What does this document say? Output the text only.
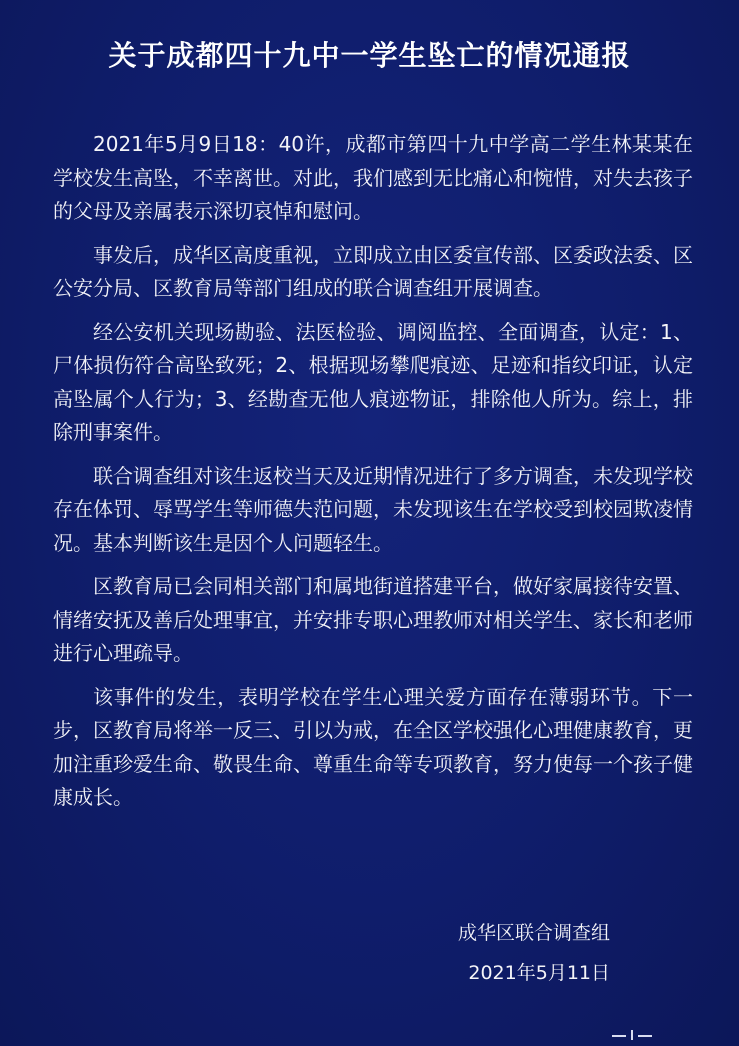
关于成都四十九中一学生坠亡的情况通报

2021年5月9日18：40许，成都市第四十九中学高二学生林某某在学校发生高坠，不幸离世。对此，我们感到无比痛心和惋惜，对失去孩子的父母及亲属表示深切哀悼和慰问。

事发后，成华区高度重视，立即成立由区委宣传部、区委政法委、区公安分局、区教育局等部门组成的联合调查组开展调查。

经公安机关现场勘验、法医检验、调阅监控、全面调查，认定：1、尸体损伤符合高坠致死；2、根据现场攀爬痕迹、足迹和指纹印证，认定高坠属个人行为；3、经勘查无他人痕迹物证，排除他人所为。综上，排除刑事案件。

联合调查组对该生返校当天及近期情况进行了多方调查，未发现学校存在体罚、辱骂学生等师德失范问题，未发现该生在学校受到校园欺凌情况。基本判断该生是因个人问题轻生。

区教育局已会同相关部门和属地街道搭建平台，做好家属接待安置、情绪安抚及善后处理事宜，并安排专职心理教师对相关学生、家长和老师进行心理疏导。

该事件的发生，表明学校在学生心理关爱方面存在薄弱环节。下一步，区教育局将举一反三、引以为戒，在全区学校强化心理健康教育，更加注重珍爱生命、敬畏生命、尊重生命等专项教育，努力使每一个孩子健康成长。

成华区联合调查组
2021年5月11日
